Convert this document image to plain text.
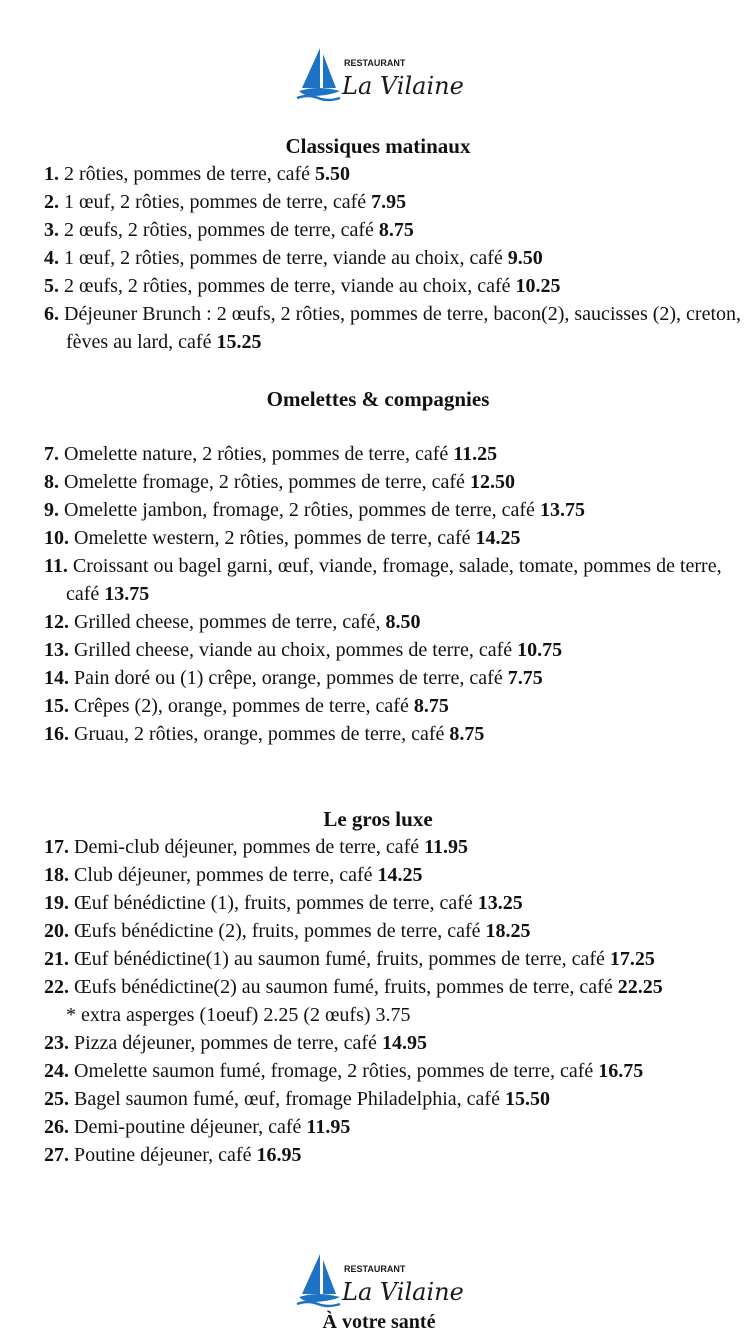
RESTAURANT
La Vilaine
Classiques matinaux
1. 2 rôties, pommes de terre, café 5.50
2. 1 œuf, 2 rôties, pommes de terre, café 7.95
3. 2 œufs, 2 rôties, pommes de terre, café 8.75
4. 1 œuf, 2 rôties, pommes de terre, viande au choix, café 9.50
5. 2 œufs, 2 rôties, pommes de terre, viande au choix, café 10.25
6. Déjeuner Brunch : 2 œufs, 2 rôties, pommes de terre, bacon(2), saucisses (2), creton, fèves au lard, café 15.25
Omelettes & compagnies
7. Omelette nature, 2 rôties, pommes de terre, café 11.25
8. Omelette fromage, 2 rôties, pommes de terre, café 12.50
9. Omelette jambon, fromage, 2 rôties, pommes de terre, café 13.75
10. Omelette western, 2 rôties, pommes de terre, café 14.25
11. Croissant ou bagel garni, œuf, viande, fromage, salade, tomate, pommes de terre, café 13.75
12. Grilled cheese, pommes de terre, café, 8.50
13. Grilled cheese, viande au choix, pommes de terre, café 10.75
14. Pain doré ou (1) crêpe, orange, pommes de terre, café 7.75
15. Crêpes (2), orange, pommes de terre, café 8.75
16. Gruau, 2 rôties, orange, pommes de terre, café 8.75
Le gros luxe
17. Demi-club déjeuner, pommes de terre, café 11.95
18. Club déjeuner, pommes de terre, café 14.25
19. Œuf bénédictine (1), fruits, pommes de terre, café 13.25
20. Œufs bénédictine (2), fruits, pommes de terre, café 18.25
21. Œuf bénédictine(1) au saumon fumé, fruits, pommes de terre, café 17.25
22. Œufs bénédictine(2) au saumon fumé, fruits, pommes de terre, café 22.25
* extra asperges (1oeuf) 2.25 (2 œufs) 3.75
23. Pizza déjeuner, pommes de terre, café 14.95
24. Omelette saumon fumé, fromage, 2 rôties, pommes de terre, café 16.75
25. Bagel saumon fumé, œuf, fromage Philadelphia, café 15.50
26. Demi-poutine déjeuner, café 11.95
27. Poutine déjeuner, café 16.95
RESTAURANT
La Vilaine

À votre santé
